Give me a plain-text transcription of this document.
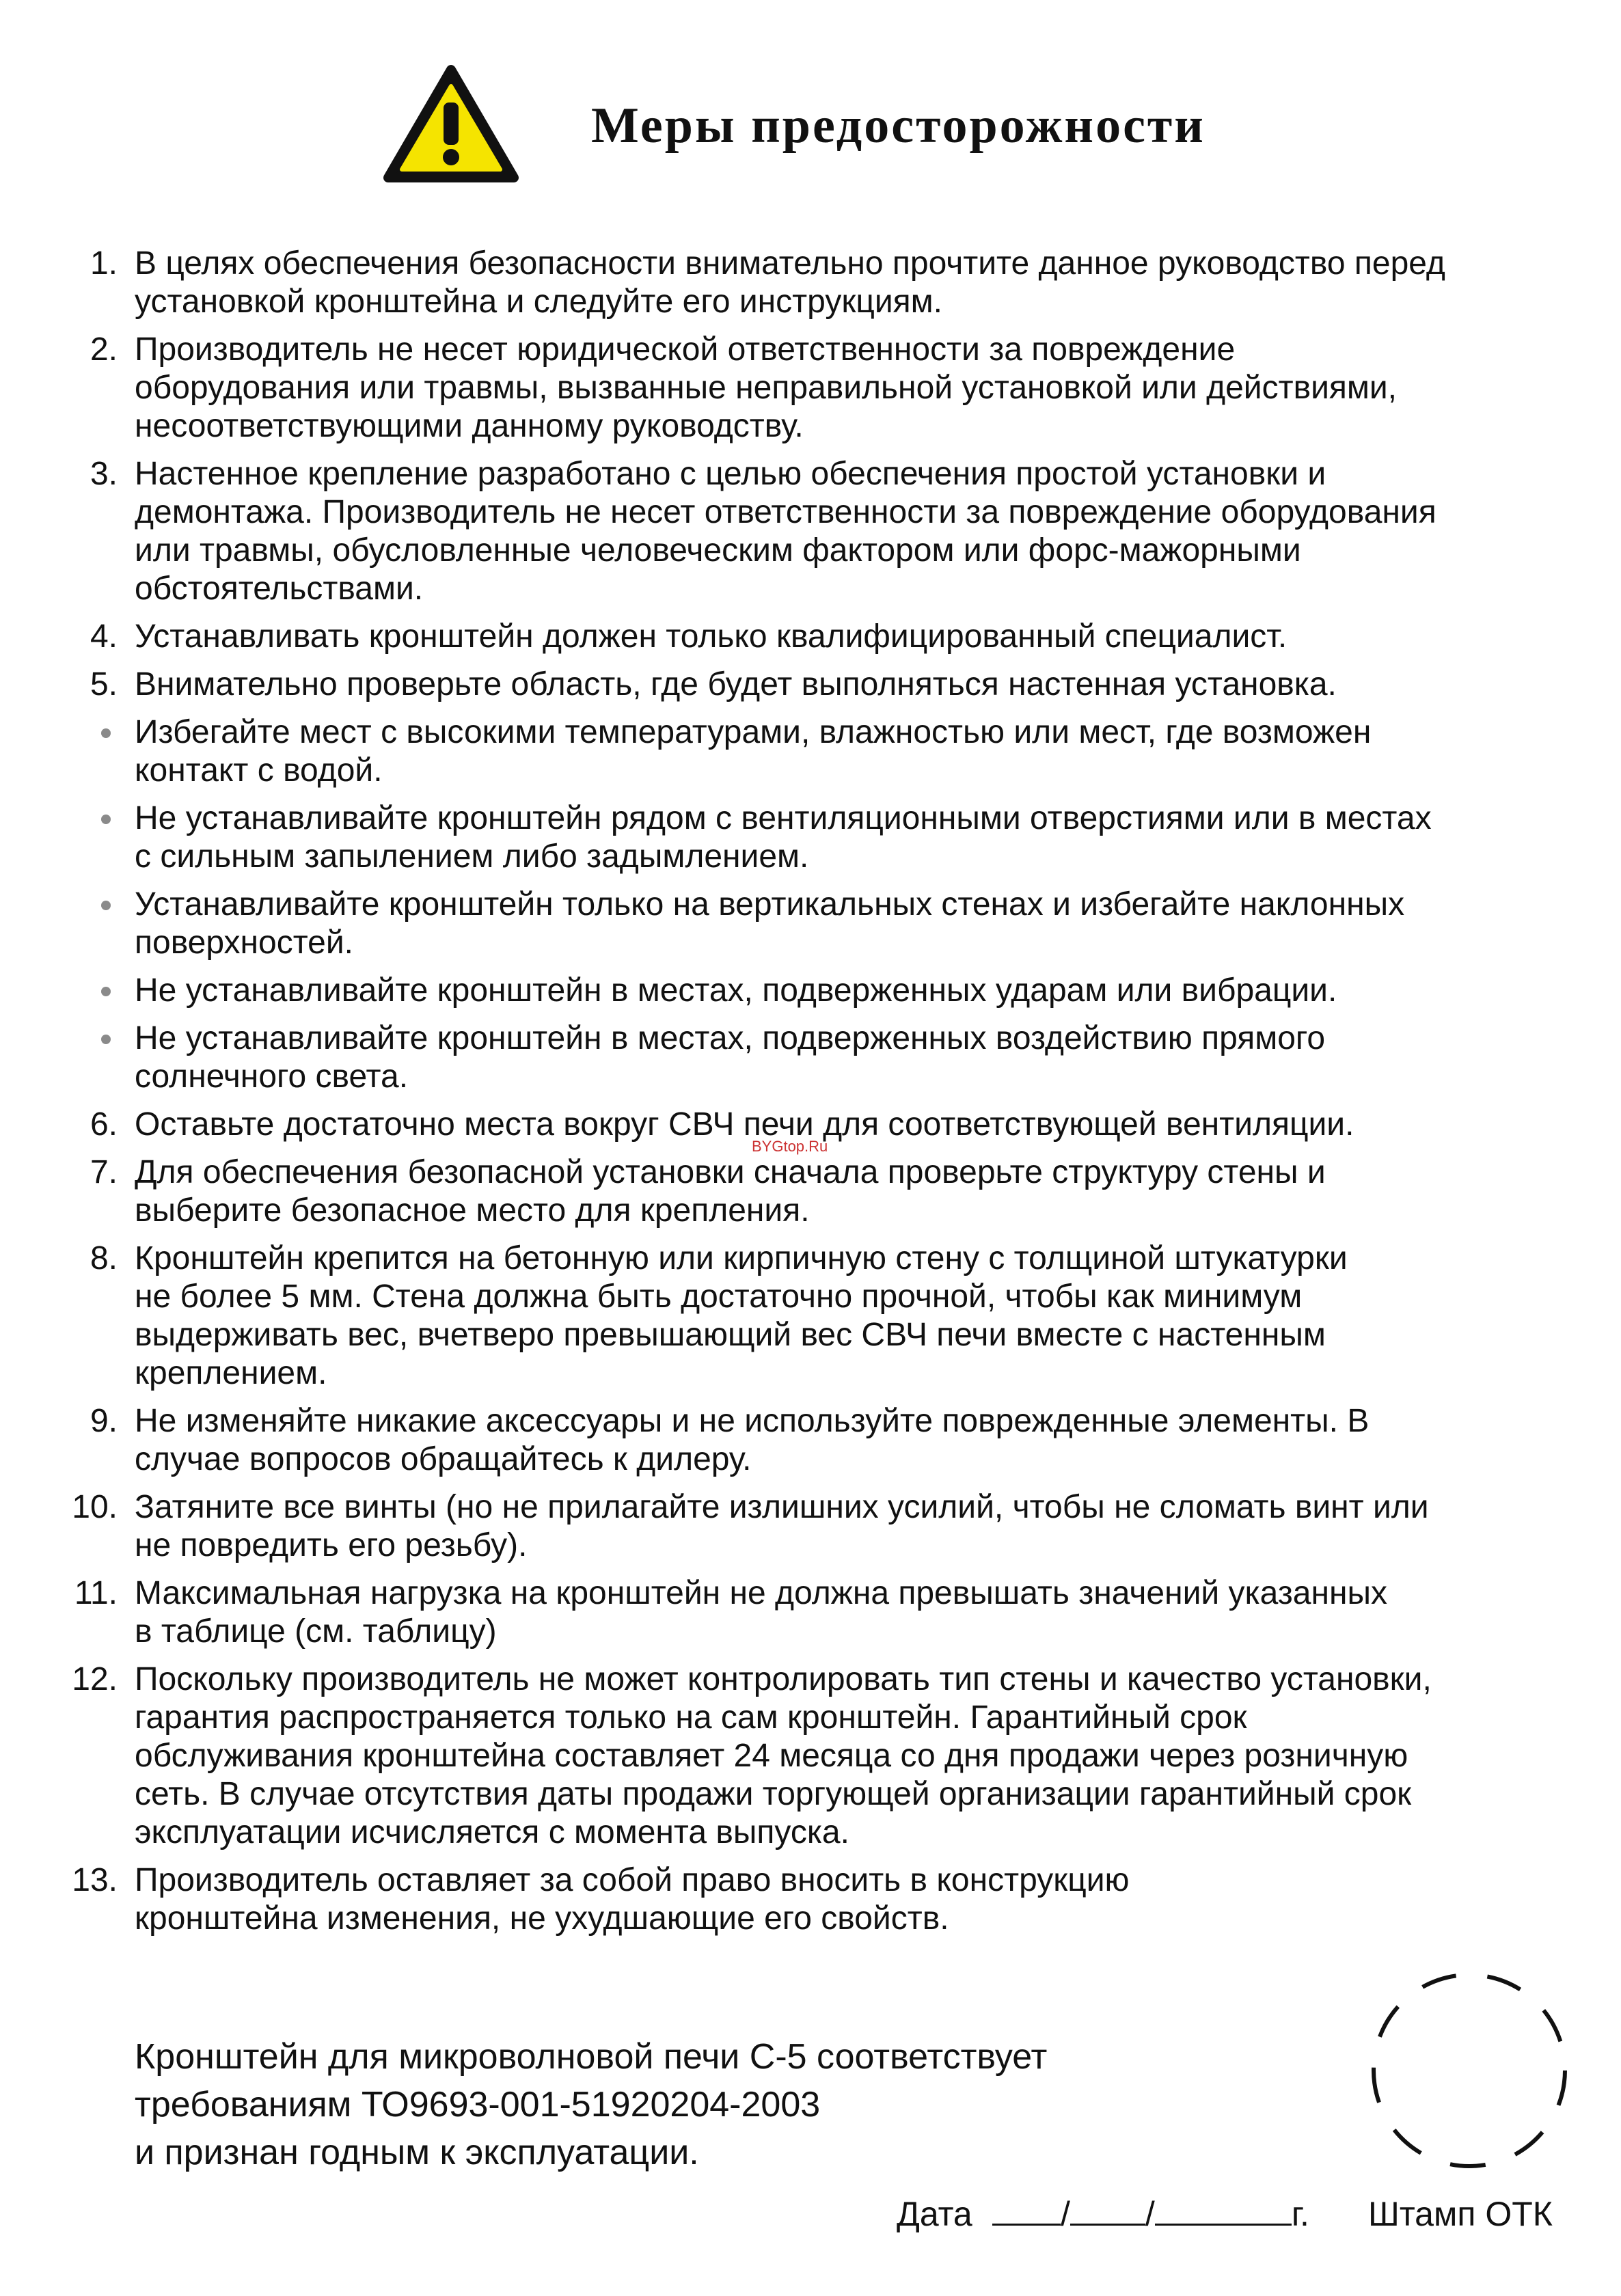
Меры предосторожности
1. В целях обеспечения безопасности внимательно прочтите данное руководство перед
установкой кронштейна и следуйте его инструкциям.
2. Производитель не несет юридической ответственности за повреждение
оборудования или травмы, вызванные неправильной установкой или действиями,
несоответствующими данному руководству.
3. Настенное крепление разработано с целью обеспечения простой установки и
демонтажа. Производитель не несет ответственности за повреждение оборудования
или травмы, обусловленные человеческим фактором или форс-мажорными
обстоятельствами.
4. Устанавливать кронштейн должен только квалифицированный специалист.
5. Внимательно проверьте область, где будет выполняться настенная установка.
Избегайте мест с высокими температурами, влажностью или мест, где возможен
контакт с водой.
Не устанавливайте кронштейн рядом с вентиляционными отверстиями или в местах
с сильным запылением либо задымлением.
Устанавливайте кронштейн только на вертикальных стенах и избегайте наклонных
поверхностей.
Не устанавливайте кронштейн в местах, подверженных ударам или вибрации.
Не устанавливайте кронштейн в местах, подверженных воздействию прямого
солнечного света.
6. Оставьте достаточно места вокруг СВЧ печи для соответствующей вентиляции.
7. Для обеспечения безопасной установки сначала проверьте структуру стены и
выберите безопасное место для крепления.
8. Кронштейн крепится на бетонную или кирпичную стену с толщиной штукатурки
не более 5 мм. Стена должна быть достаточно прочной, чтобы как минимум
выдерживать вес, вчетверо превышающий вес СВЧ печи вместе с настенным
креплением.
9. Не изменяйте никакие аксессуары и не используйте поврежденные элементы. В
случае вопросов обращайтесь к дилеру.
10. Затяните все винты (но не прилагайте излишних усилий, чтобы не сломать винт или
не повредить его резьбу).
11. Максимальная нагрузка на кронштейн не должна превышать значений указанных
в таблице (см. таблицу)
12. Поскольку производитель не может контролировать тип стены и качество установки,
гарантия распространяется только на сам кронштейн. Гарантийный срок
обслуживания кронштейна составляет 24 месяца со дня продажи через розничную
сеть. В случае отсутствия даты продажи торгующей организации гарантийный срок
эксплуатации исчисляется с момента выпуска.
13. Производитель оставляет за собой право вносить в конструкцию
кронштейна изменения, не ухудшающие его свойств.
BYGtop.Ru
Кронштейн для микроволновой печи С-5 соответствует
требованиям ТО9693-001-51920204-2003
и признан годным к эксплуатации.
Дата	/ /	г. Штамп ОТК
